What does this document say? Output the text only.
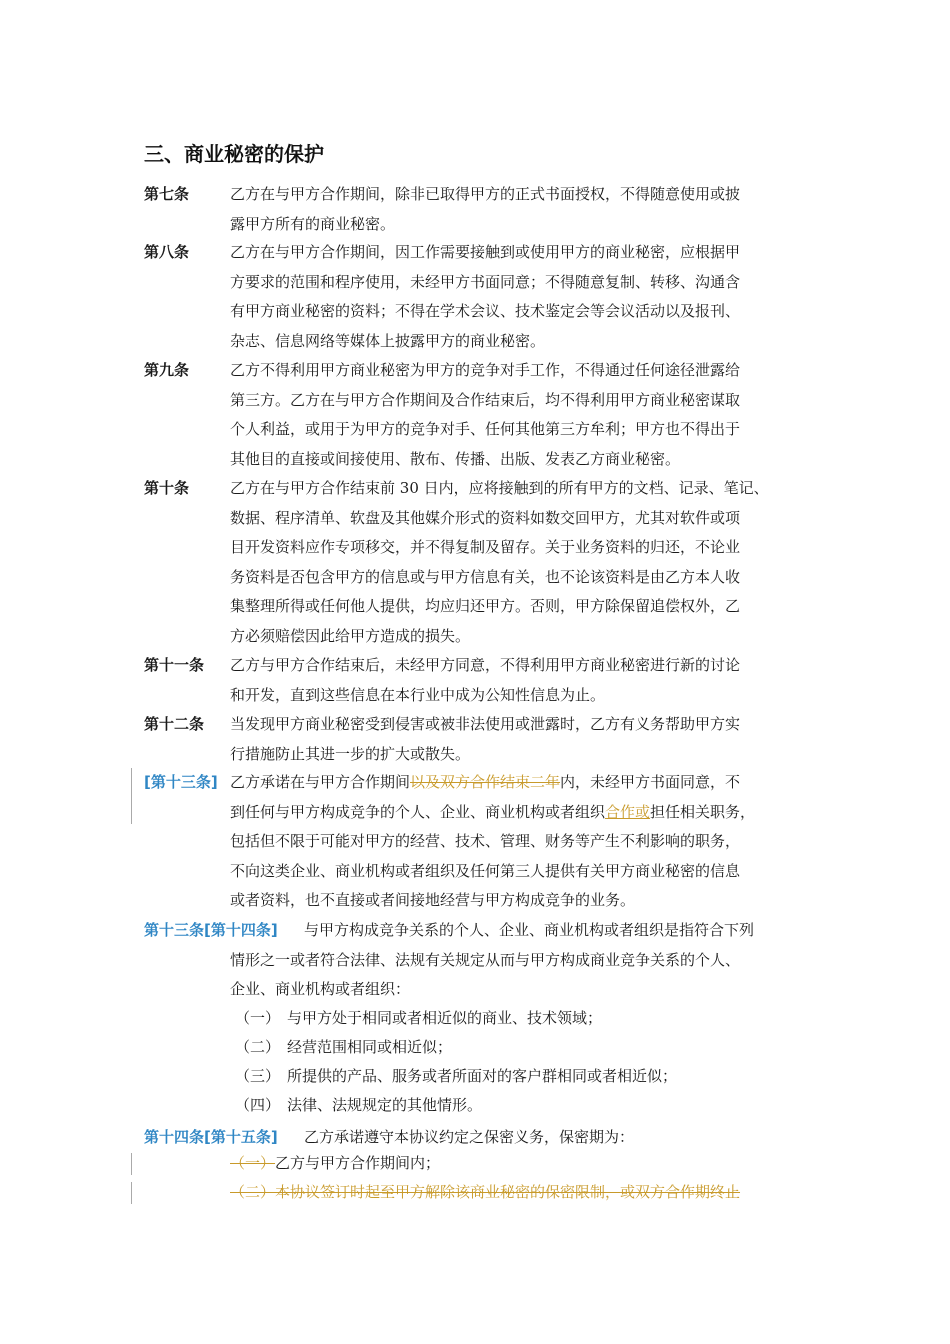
三、商业秘密的保护
第七条	乙方在与甲方合作期间，除非已取得甲方的正式书面授权，不得随意使用或披
露甲方所有的商业秘密。
第八条	乙方在与甲方合作期间，因工作需要接触到或使用甲方的商业秘密，应根据甲
方要求的范围和程序使用，未经甲方书面同意；不得随意复制、转移、沟通含
有甲方商业秘密的资料；不得在学术会议、技术鉴定会等会议活动以及报刊、
杂志、信息网络等媒体上披露甲方的商业秘密。
第九条	乙方不得利用甲方商业秘密为甲方的竞争对手工作，不得通过任何途径泄露给
第三方。乙方在与甲方合作期间及合作结束后，均不得利用甲方商业秘密谋取
个人利益，或用于为甲方的竞争对手、任何其他第三方牟利；甲方也不得出于
其他目的直接或间接使用、散布、传播、出版、发表乙方商业秘密。
第十条	乙方在与甲方合作结束前 30 日内，应将接触到的所有甲方的文档、记录、笔记、
数据、程序清单、软盘及其他媒介形式的资料如数交回甲方，尤其对软件或项
目开发资料应作专项移交，并不得复制及留存。关于业务资料的归还，不论业
务资料是否包含甲方的信息或与甲方信息有关，也不论该资料是由乙方本人收
集整理所得或任何他人提供，均应归还甲方。否则，甲方除保留追偿权外，乙
方必须赔偿因此给甲方造成的损失。
第十一条 乙方与甲方合作结束后，未经甲方同意，不得利用甲方商业秘密进行新的讨论
和开发，直到这些信息在本行业中成为公知性信息为止。
第十二条 当发现甲方商业秘密受到侵害或被非法使用或泄露时，乙方有义务帮助甲方实
行措施防止其进一步的扩大或散失。
[第十三条] 乙方承诺在与甲方合作期间以及双方合作结束二年内，未经甲方书面同意，不
到任何与甲方构成竞争的个人、企业、商业机构或者组织合作或担任相关职务，
包括但不限于可能对甲方的经营、技术、管理、财务等产生不利影响的职务，
不向这类企业、商业机构或者组织及任何第三人提供有关甲方商业秘密的信息
或者资料，也不直接或者间接地经营与甲方构成竞争的业务。
第十三条[第十四条] 与甲方构成竞争关系的个人、企业、商业机构或者组织是指符合下列
情形之一或者符合法律、法规有关规定从而与甲方构成商业竞争关系的个人、
企业、商业机构或者组织：
（一） 与甲方处于相同或者相近似的商业、技术领域；
（二） 经营范围相同或相近似；
（三） 所提供的产品、服务或者所面对的客户群相同或者相近似；
（四） 法律、法规规定的其他情形。
第十四条[第十五条] 乙方承诺遵守本协议约定之保密义务，保密期为：
（一）乙方与甲方合作期间内；
（二）本协议签订时起至甲方解除该商业秘密的保密限制，或双方合作期终止
